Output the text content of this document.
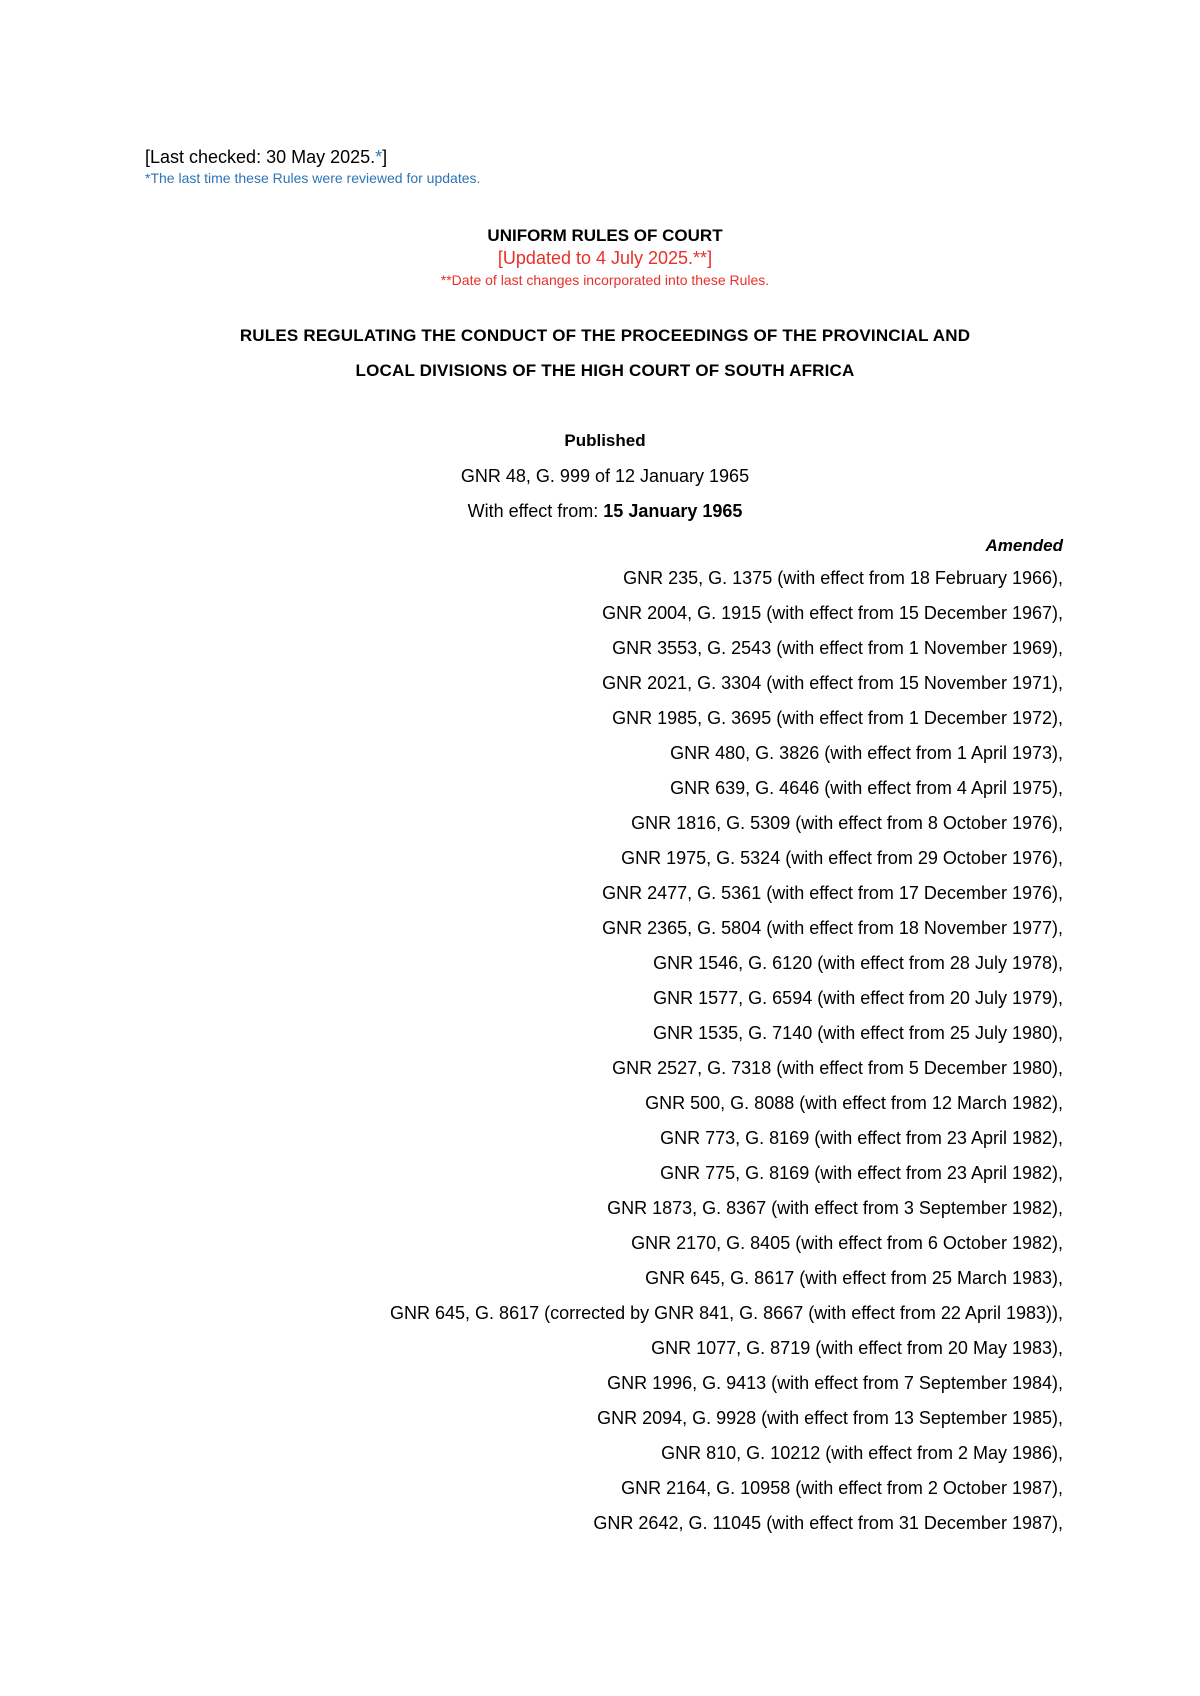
[Last checked: 30 May 2025.*]
*The last time these Rules were reviewed for updates.
UNIFORM RULES OF COURT
[Updated to 4 July 2025.**]
**Date of last changes incorporated into these Rules.
RULES REGULATING THE CONDUCT OF THE PROCEEDINGS OF THE PROVINCIAL AND
LOCAL DIVISIONS OF THE HIGH COURT OF SOUTH AFRICA
Published
GNR 48, G. 999 of 12 January 1965
With effect from: 15 January 1965
Amended
GNR 235, G. 1375 (with effect from 18 February 1966),
GNR 2004, G. 1915 (with effect from 15 December 1967),
GNR 3553, G. 2543 (with effect from 1 November 1969),
GNR 2021, G. 3304 (with effect from 15 November 1971),
GNR 1985, G. 3695 (with effect from 1 December 1972),
GNR 480, G. 3826 (with effect from 1 April 1973),
GNR 639, G. 4646 (with effect from 4 April 1975),
GNR 1816, G. 5309 (with effect from 8 October 1976),
GNR 1975, G. 5324 (with effect from 29 October 1976),
GNR 2477, G. 5361 (with effect from 17 December 1976),
GNR 2365, G. 5804 (with effect from 18 November 1977),
GNR 1546, G. 6120 (with effect from 28 July 1978),
GNR 1577, G. 6594 (with effect from 20 July 1979),
GNR 1535, G. 7140 (with effect from 25 July 1980),
GNR 2527, G. 7318 (with effect from 5 December 1980),
GNR 500, G. 8088 (with effect from 12 March 1982),
GNR 773, G. 8169 (with effect from 23 April 1982),
GNR 775, G. 8169 (with effect from 23 April 1982),
GNR 1873, G. 8367 (with effect from 3 September 1982),
GNR 2170, G. 8405 (with effect from 6 October 1982),
GNR 645, G. 8617 (with effect from 25 March 1983),
GNR 645, G. 8617 (corrected by GNR 841, G. 8667 (with effect from 22 April 1983)),
GNR 1077, G. 8719 (with effect from 20 May 1983),
GNR 1996, G. 9413 (with effect from 7 September 1984),
GNR 2094, G. 9928 (with effect from 13 September 1985),
GNR 810, G. 10212 (with effect from 2 May 1986),
GNR 2164, G. 10958 (with effect from 2 October 1987),
GNR 2642, G. 11045 (with effect from 31 December 1987),
